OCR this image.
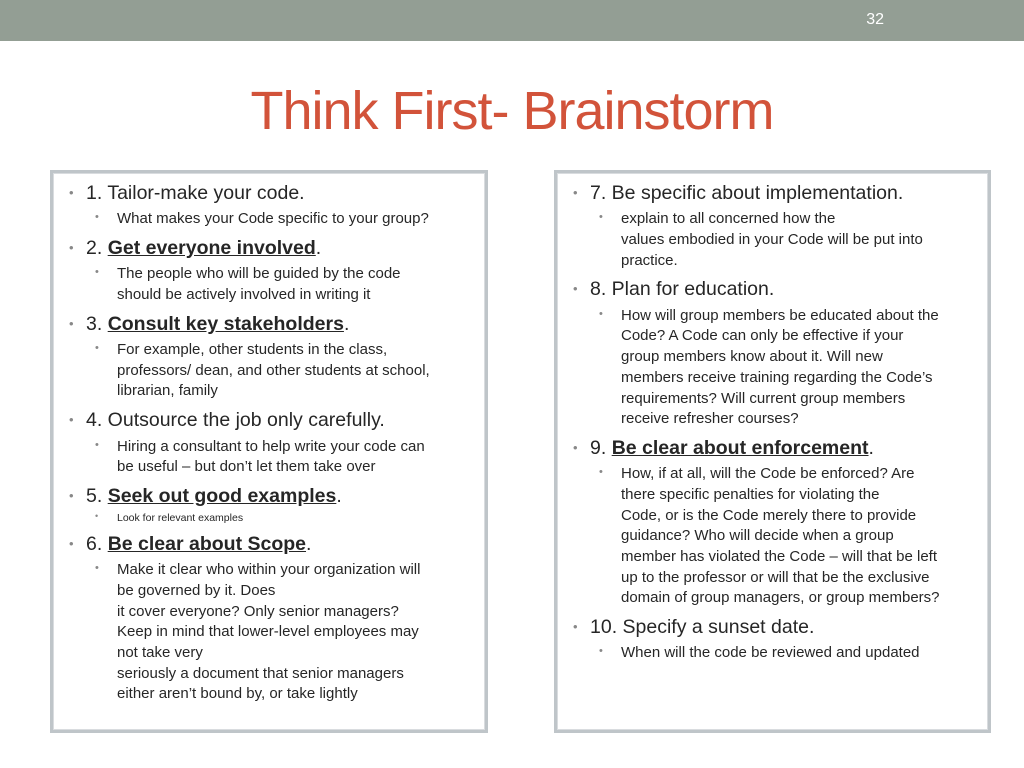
32
Think First- Brainstorm
• 1. Tailor-make your code.
• What makes your Code specific to your group?
• 2. Get everyone involved.
• The people who will be guided by the code
should be actively involved in writing it
• 3. Consult key stakeholders.
• For example, other students in the class,
professors/ dean, and other students at school,
librarian, family
• 4. Outsource the job only carefully.
• Hiring a consultant to help write your code can
be useful – but don’t let them take over
• 5. Seek out good examples.
• Look for relevant examples
• 6. Be clear about Scope.
• Make it clear who within your organization will
be governed by it. Does
it cover everyone? Only senior managers?
Keep in mind that lower-level employees may
not take very
seriously a document that senior managers
either aren’t bound by, or take lightly
• 7. Be specific about implementation.
• explain to all concerned how the
values embodied in your Code will be put into
practice.
• 8. Plan for education.
• How will group members be educated about the
Code? A Code can only be effective if your
group members know about it. Will new
members receive training regarding the Code’s
requirements? Will current group members
receive refresher courses?
• 9. Be clear about enforcement.
• How, if at all, will the Code be enforced? Are
there specific penalties for violating the
Code, or is the Code merely there to provide
guidance? Who will decide when a group
member has violated the Code – will that be left
up to the professor or will that be the exclusive
domain of group managers, or group members?
• 10. Specify a sunset date.
• When will the code be reviewed and updated
